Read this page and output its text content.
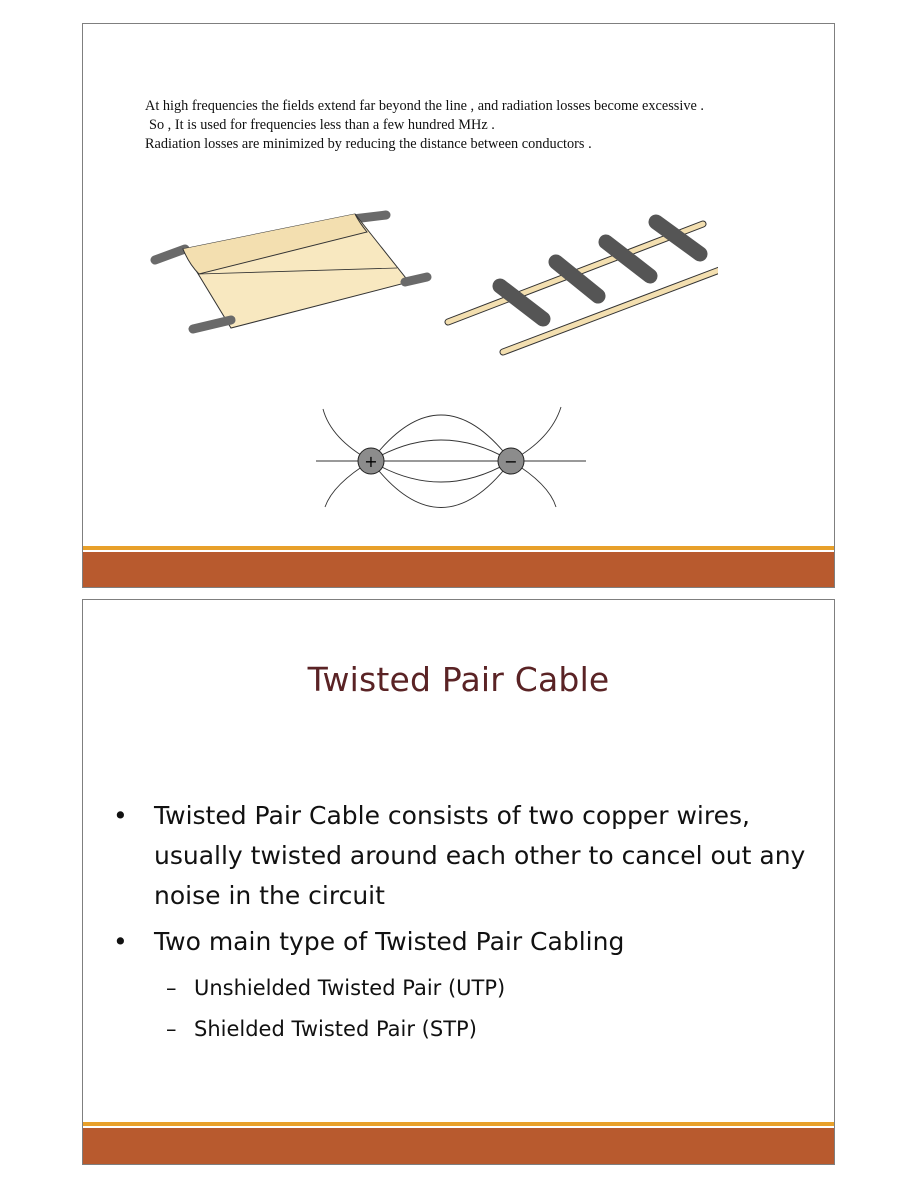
At high frequencies the fields extend far beyond the line , and radiation losses become excessive .

So , It is used for frequencies less than a few hundred MHz .

Radiation losses are minimized by reducing the distance between conductors .

+	−
Twisted Pair Cable
• Twisted Pair Cable consists of two copper wires, usually twisted around each other to cancel out any noise in the circuit
• Two main type of Twisted Pair Cabling
– Unshielded Twisted Pair (UTP)
– Shielded Twisted Pair (STP)
